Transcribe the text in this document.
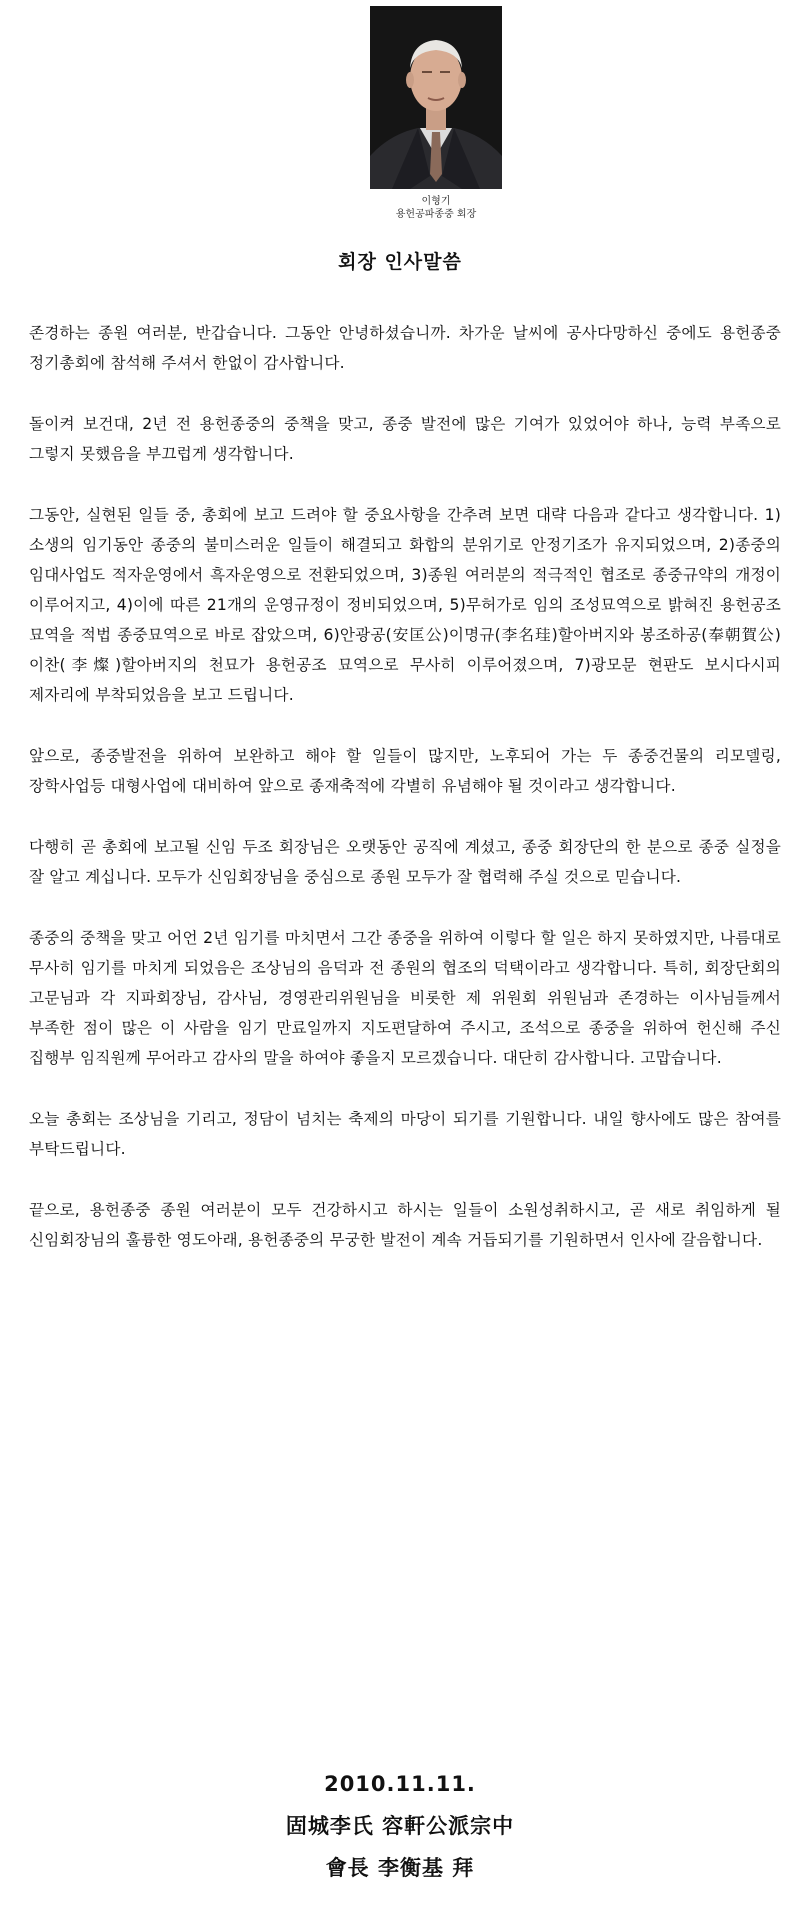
이형기
용헌공파종중 회장
회장 인사말씀

존경하는 종원 여러분, 반갑습니다. 그동안 안녕하셨습니까. 차가운 날씨에 공사다망하신 중에도 용헌종중 정기총회에 참석해 주셔서 한없이 감사합니다.

돌이켜 보건대, 2년 전 용헌종중의 중책을 맞고, 종중 발전에 많은 기여가 있었어야 하나, 능력 부족으로 그렇지 못했음을 부끄럽게 생각합니다.

그동안, 실현된 일들 중, 총회에 보고 드려야 할 중요사항을 간추려 보면 대략 다음과 같다고 생각합니다. 1)소생의 임기동안 종중의 불미스러운 일들이 해결되고 화합의 분위기로 안정기조가 유지되었으며, 2)종중의 임대사업도 적자운영에서 흑자운영으로 전환되었으며, 3)종원 여러분의 적극적인 협조로 종중규약의 개정이 이루어지고, 4)이에 따른 21개의 운영규정이 정비되었으며, 5)무허가로 임의 조성묘역으로 밝혀진 용헌공조 묘역을 적법 종중묘역으로 바로 잡았으며, 6)안광공(安匡公)이명규(李名珪)할아버지와 봉조하공(奉朝賀公)이찬(李燦)할아버지의 천묘가 용헌공조 묘역으로 무사히 이루어졌으며, 7)광모문 현판도 보시다시피 제자리에 부착되었음을 보고 드립니다.

앞으로, 종중발전을 위하여 보완하고 해야 할 일들이 많지만, 노후되어 가는 두 종중건물의 리모델링, 장학사업등 대형사업에 대비하여 앞으로 종재축적에 각별히 유념해야 될 것이라고 생각합니다.

다행히 곧 총회에 보고될 신임 두조 회장님은 오랫동안 공직에 계셨고, 종중 회장단의 한 분으로 종중 실정을 잘 알고 계십니다. 모두가 신임회장님을 중심으로 종원 모두가 잘 협력해 주실 것으로 믿습니다.

종중의 중책을 맞고 어언 2년 임기를 마치면서 그간 종중을 위하여 이렇다 할 일은 하지 못하였지만, 나름대로 무사히 임기를 마치게 되었음은 조상님의 음덕과 전 종원의 협조의 덕택이라고 생각합니다. 특히, 회장단회의 고문님과 각 지파회장님, 감사님, 경영관리위원님을 비롯한 제 위원회 위원님과 존경하는 이사님들께서 부족한 점이 많은 이 사람을 임기 만료일까지 지도편달하여 주시고, 조석으로 종중을 위하여 헌신해 주신 집행부 임직원께 무어라고 감사의 말을 하여야 좋을지 모르겠습니다. 대단히 감사합니다. 고맙습니다.

오늘 총회는 조상님을 기리고, 정담이 넘치는 축제의 마당이 되기를 기원합니다. 내일 향사에도 많은 참여를 부탁드립니다.

끝으로, 용헌종중 종원 여러분이 모두 건강하시고 하시는 일들이 소원성취하시고, 곧 새로 취임하게 될 신임회장님의 훌륭한 영도아래, 용헌종중의 무궁한 발전이 계속 거듭되기를 기원하면서 인사에 갈음합니다.

2010.11.11.
固城李氏 容軒公派宗中
會長 李衡基 拜
